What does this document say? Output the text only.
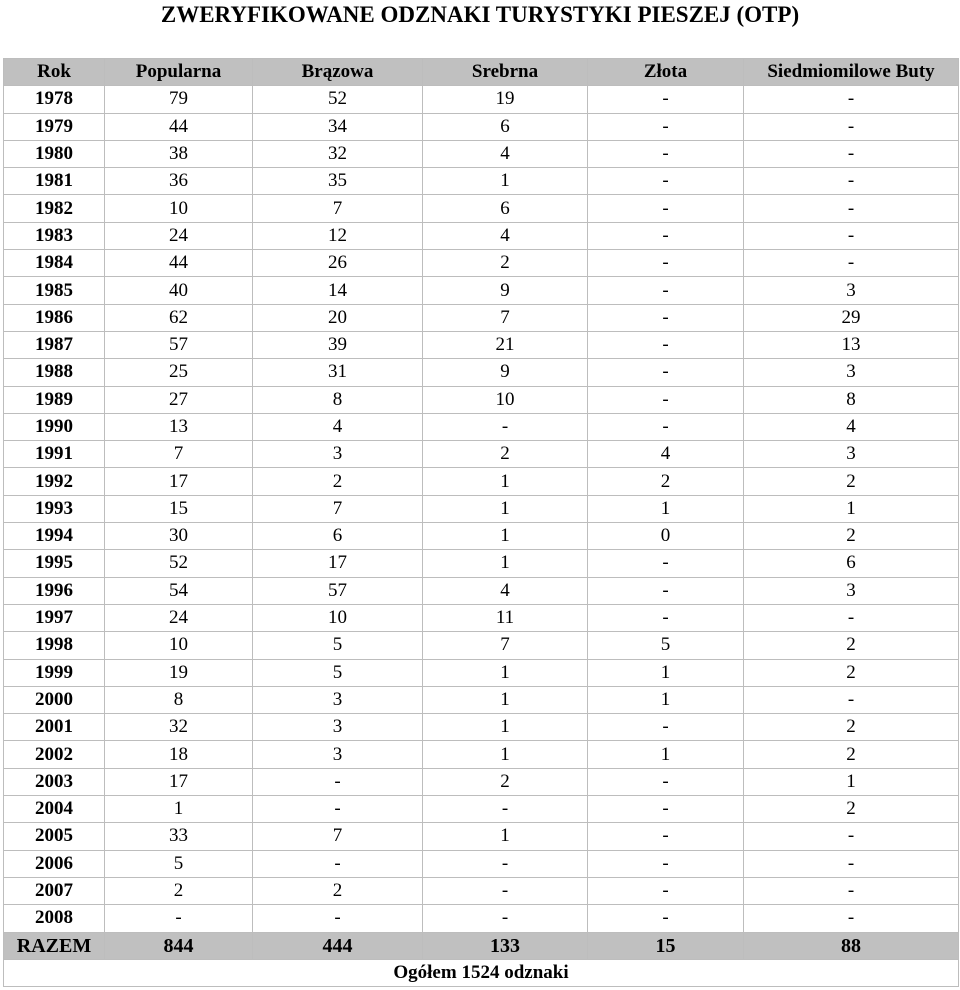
ZWERYFIKOWANE ODZNAKI TURYSTYKI PIESZEJ (OTP)
Rok	Popularna	Brązowa	Srebrna	Złota	Siedmiomilowe Buty
1978	79	52	19	-	-
1979	44	34	6	-	-
1980	38	32	4	-	-
1981	36	35	1	-	-
1982	10	7	6	-	-
1983	24	12	4	-	-
1984	44	26	2	-	-
1985	40	14	9	-	3
1986	62	20	7	-	29
1987	57	39	21	-	13
1988	25	31	9	-	3
1989	27	8	10	-	8
1990	13	4	-	-	4
1991	7	3	2	4	3
1992	17	2	1	2	2
1993	15	7	1	1	1
1994	30	6	1	0	2
1995	52	17	1	-	6
1996	54	57	4	-	3
1997	24	10	11	-	-
1998	10	5	7	5	2
1999	19	5	1	1	2
2000	8	3	1	1	-
2001	32	3	1	-	2
2002	18	3	1	1	2
2003	17	-	2	-	1
2004	1	-	-	-	2
2005	33	7	1	-	-
2006	5	-	-	-	-
2007	2	2	-	-	-
2008	-	-	-	-	-
RAZEM	844	444	133	15	88
Ogółem 1524 odznaki					
